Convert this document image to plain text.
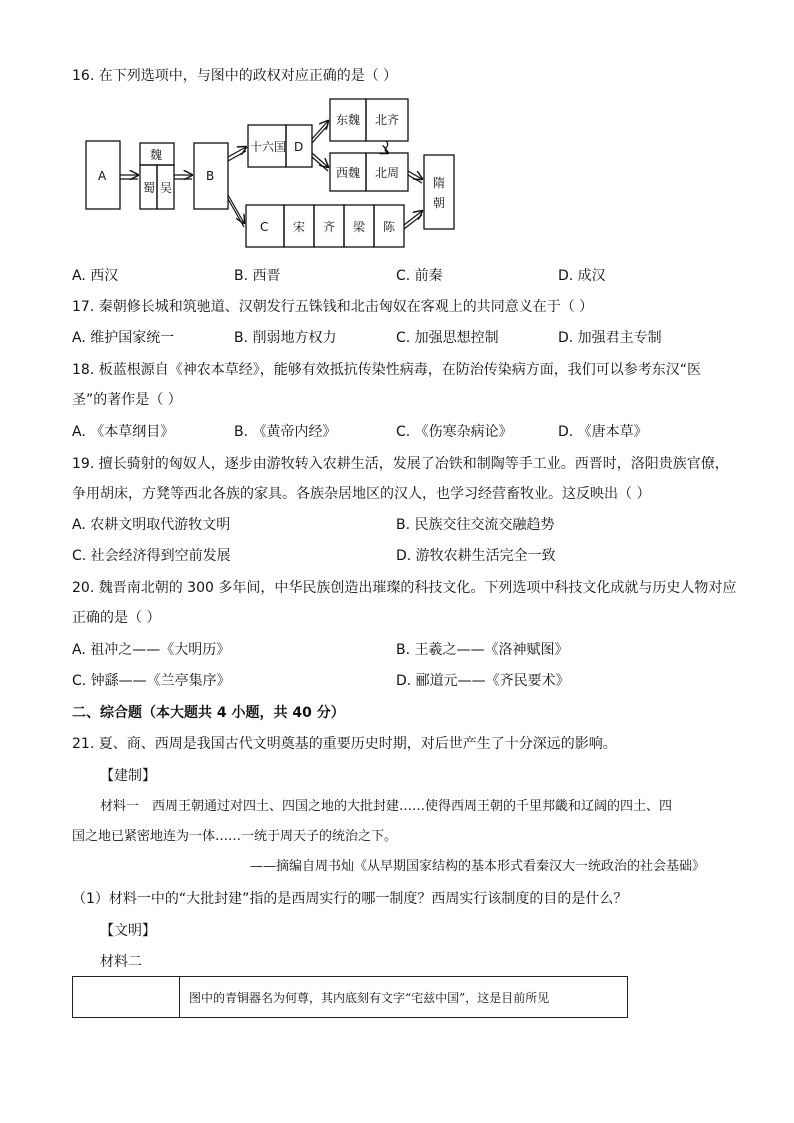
16. 在下列选项中，与图中的政权对应正确的是（ ）
A
魏
蜀 吴
B
十六国 D
东魏 北齐
西魏 北周
C 宋 齐 梁 陈
隋
朝
A. 西汉	B. 西晋	C. 前秦	D. 成汉
17. 秦朝修长城和筑驰道、汉朝发行五铢钱和北击匈奴在客观上的共同意义在于（ ）
A. 维护国家统一	B. 削弱地方权力	C. 加强思想控制	D. 加强君主专制
18. 板蓝根源自《神农本草经》，能够有效抵抗传染性病毒，在防治传染病方面，我们可以参考东汉“医
圣”的著作是（ ）
A. 《本草纲目》	B. 《黄帝内经》	C. 《伤寒杂病论》	D. 《唐本草》
19. 擅长骑射的匈奴人，逐步由游牧转入农耕生活，发展了冶铁和制陶等手工业。西晋时，洛阳贵族官僚，
争用胡床，方凳等西北各族的家具。各族杂居地区的汉人，也学习经营畜牧业。这反映出（ ）
A. 农耕文明取代游牧文明	B. 民族交往交流交融趋势
C. 社会经济得到空前发展	D. 游牧农耕生活完全一致
20. 魏晋南北朝的 300 多年间，中华民族创造出璀璨的科技文化。下列选项中科技文化成就与历史人物对应
正确的是（ ）
A. 祖冲之——《大明历》	B. 王羲之——《洛神赋图》
C. 钟繇——《兰亭集序》	D. 郦道元——《齐民要术》
二、综合题（本大题共 4 小题，共 40 分）
21. 夏、商、西周是我国古代文明奠基的重要历史时期，对后世产生了十分深远的影响。
【建制】
材料一　西周王朝通过对四土、四国之地的大批封建……使得西周王朝的千里邦畿和辽阔的四土、四
国之地已紧密地连为一体……一统于周天子的统治之下。
——摘编自周书灿《从早期国家结构的基本形式看秦汉大一统政治的社会基础》
（1）材料一中的“大批封建”指的是西周实行的哪一制度？西周实行该制度的目的是什么？
【文明】
材料二
图中的青铜器名为何尊，其内底刻有文字“宅兹中国”，这是目前所见
